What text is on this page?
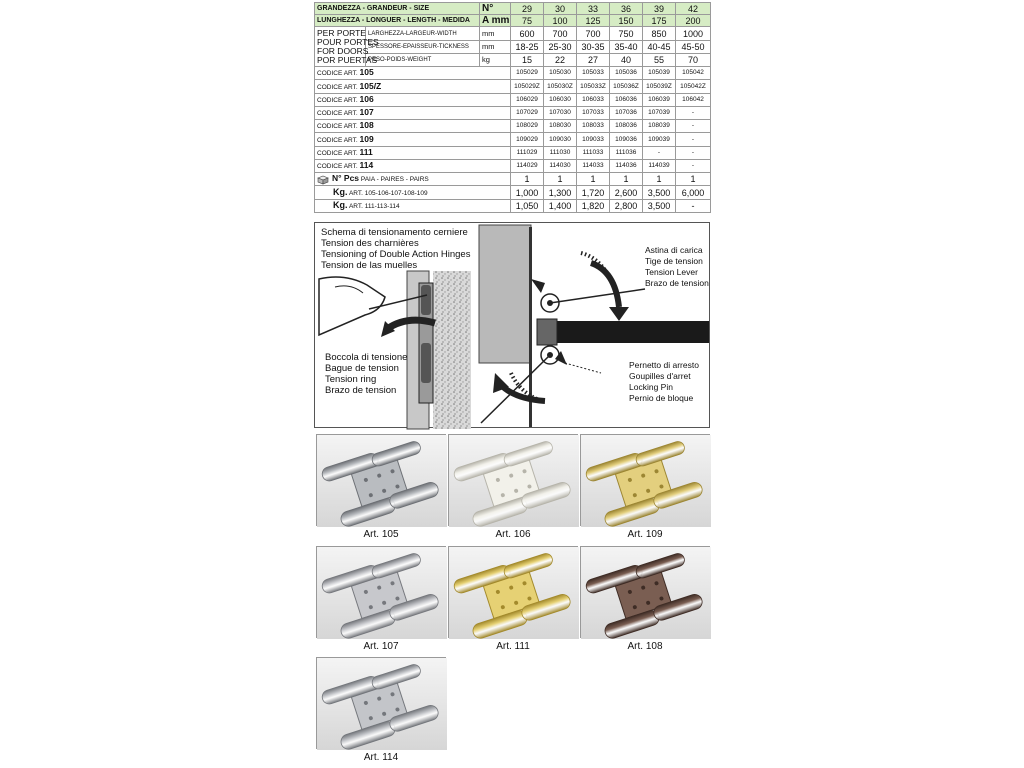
GRANDEZZA - GRANDEUR - SIZE		N°	29	30	33	36	39	42
LUNGHEZZA - LONGUER - LENGTH - MEDIDA		A mm	75	100	125	150	175	200

PER PORTE
POUR PORTES
FOR DOORS
POR PUERTAS	LARGHEZZA-LARGEUR-WIDTH	mm	600	700	700	750	850	1000
	SPESSORE-EPAISSEUR-TICKNESS	mm	18-25	25-30	30-35	35-40	40-45	45-50
	PESO-POIDS-WEIGHT	kg	15	22	27	40	55	70
CODICE ART. 105			105029	105030	105033	105036	105039	105042
CODICE ART. 105/Z			105029Z	105030Z	105033Z	105036Z	105039Z	105042Z
CODICE ART. 106			106029	106030	106033	106036	106039	106042
CODICE ART. 107			107029	107030	107033	107036	107039	-
CODICE ART. 108			108029	108030	108033	108036	108039	-
CODICE ART. 109			109029	109030	109033	109036	109039	-
CODICE ART. 111			111029	111030	111033	111036	-	-
CODICE ART. 114			114029	114030	114033	114036	114039	-
N° Pcs PAIA - PAIRES - PAIRS			1	1	1	1	1	1
Kg. ART. 105-106-107-108-109			1,000	1,300	1,720	2,600	3,500	6,000
Kg. ART. 111-113-114			1,050	1,400	1,820	2,800	3,500	-
Schema di tensionamento cerniere
Tension des charnières
Tensioning of Double Action Hinges
Tension de las muelles
Boccola di tensione
Bague de tension
Tension ring
Brazo de tension
Astina di carica
Tige de tension
Tension Lever
Brazo de tension
Pernetto di arresto
Goupilles d'arret
Locking Pin
Pernio de bloque
Art. 105	Art. 106	Art. 109
Art. 107	Art. 111	Art. 108
Art. 114
